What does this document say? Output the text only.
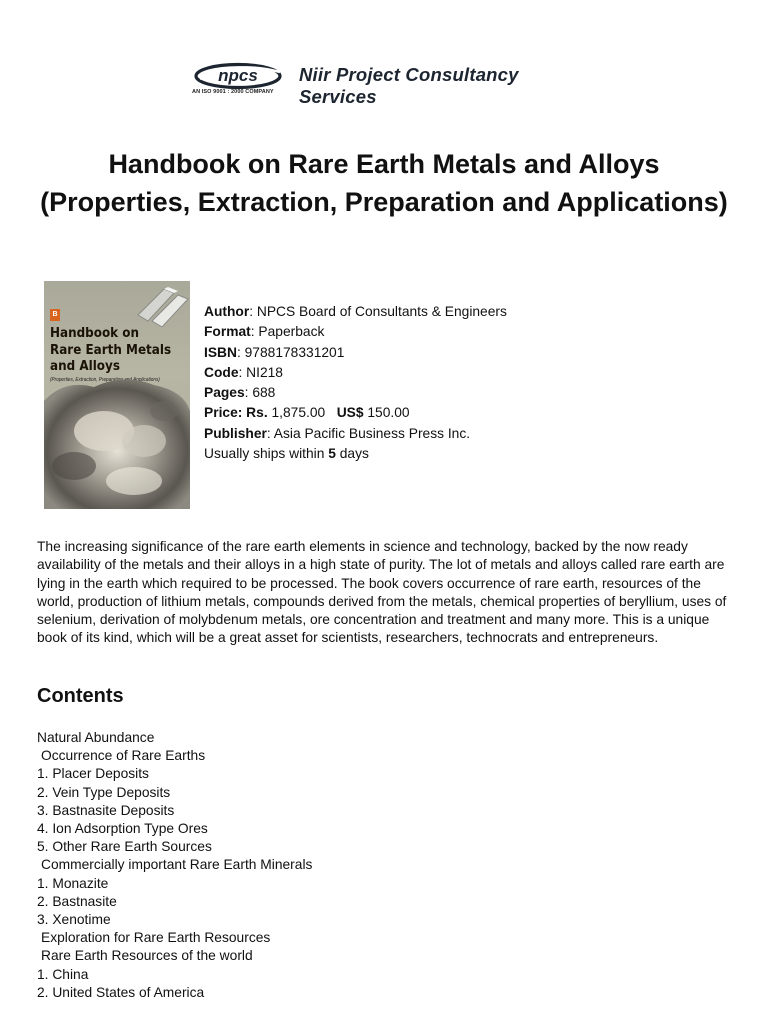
npcs
AN ISO 9001 : 2000 COMPANY
Niir Project Consultancy Services
Handbook on Rare Earth Metals and Alloys (Properties, Extraction, Preparation and Applications)
B
Handbook on Rare Earth Metals and Alloys
(Properties, Extraction, Preparation and Applications)
Author: NPCS Board of Consultants & Engineers
Format: Paperback
ISBN: 9788178331201
Code: NI218
Pages: 688
Price: Rs. 1,875.00 US$ 150.00
Publisher: Asia Pacific Business Press Inc.
Usually ships within 5 days
The increasing significance of the rare earth elements in science and technology, backed by the now ready availability of the metals and their alloys in a high state of purity. The lot of metals and alloys called rare earth are lying in the earth which required to be processed. The book covers occurrence of rare earth, resources of the world, production of lithium metals, compounds derived from the metals, chemical properties of beryllium, uses of selenium, derivation of molybdenum metals, ore concentration and treatment and many more. This is a unique book of its kind, which will be a great asset for scientists, researchers, technocrats and entrepreneurs.
Contents
Natural Abundance
Occurrence of Rare Earths
1. Placer Deposits
2. Vein Type Deposits
3. Bastnasite Deposits
4. Ion Adsorption Type Ores
5. Other Rare Earth Sources
Commercially important Rare Earth Minerals
1. Monazite
2. Bastnasite
3. Xenotime
Exploration for Rare Earth Resources
Rare Earth Resources of the world
1. China
2. United States of America
